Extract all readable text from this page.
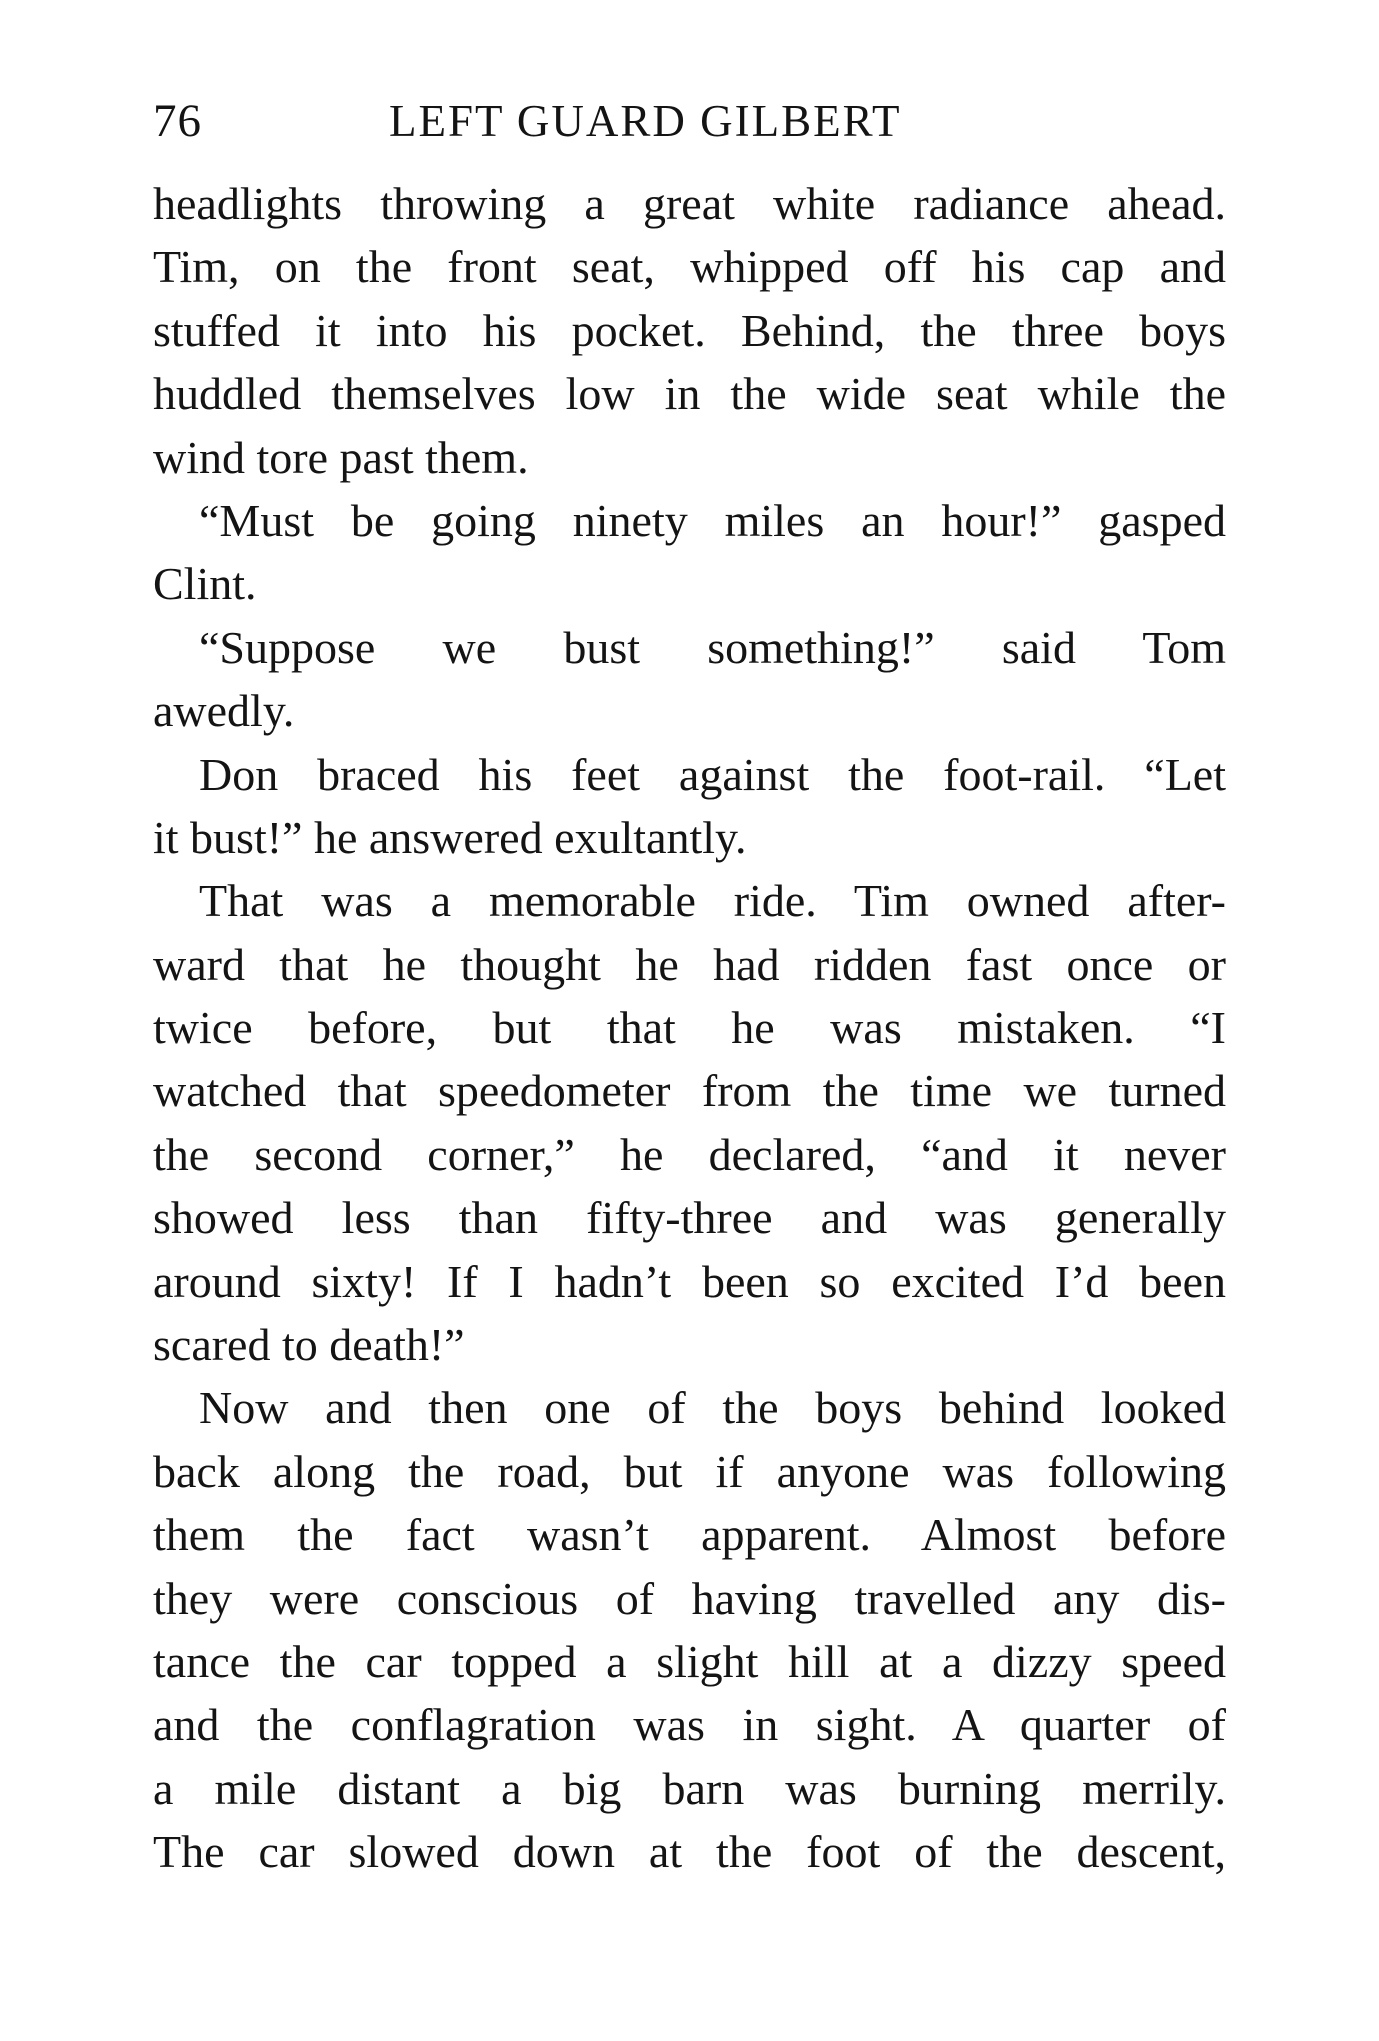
76	LEFT GUARD GILBERT
headlights throwing a great white radiance ahead.
Tim, on the front seat, whipped off his cap and
stuffed it into his pocket. Behind, the three boys
huddled themselves low in the wide seat while the
wind tore past them.
“Must be going ninety miles an hour!” gasped
Clint.
“Suppose we bust something!” said Tom
awedly.
Don braced his feet against the foot-rail. “Let
it bust!” he answered exultantly.
That was a memorable ride. Tim owned after-
ward that he thought he had ridden fast once or
twice before, but that he was mistaken. “I
watched that speedometer from the time we turned
the second corner,” he declared, “and it never
showed less than fifty-three and was generally
around sixty! If I hadn’t been so excited I’d been
scared to death!”
Now and then one of the boys behind looked
back along the road, but if anyone was following
them the fact wasn’t apparent. Almost before
they were conscious of having travelled any dis-
tance the car topped a slight hill at a dizzy speed
and the conflagration was in sight. A quarter of
a mile distant a big barn was burning merrily.
The car slowed down at the foot of the descent,
